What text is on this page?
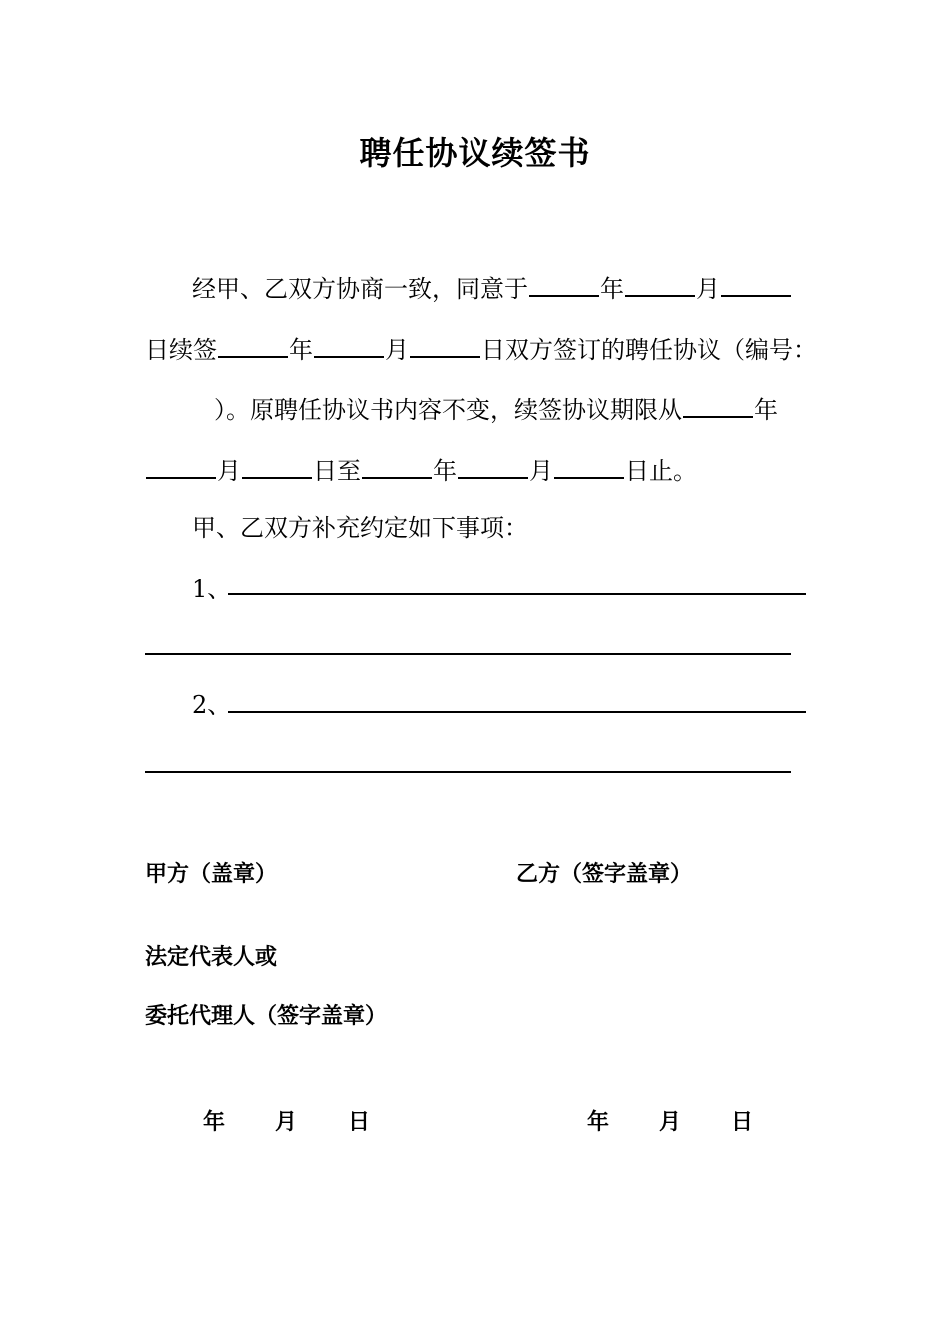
聘任协议续签书
经甲、乙双方协商一致，同意于	年	月
日续签	年	月	日双方签订的聘任协议（编号：
）。原聘任协议书内容不变，续签协议期限从	年
月	日至	年	月	日止。
甲、乙双方补充约定如下事项：
1、
2、
甲方（盖章）	乙方（签字盖章）
法定代表人或
委托代理人（签字盖章）
年 月 日	年 月 日
